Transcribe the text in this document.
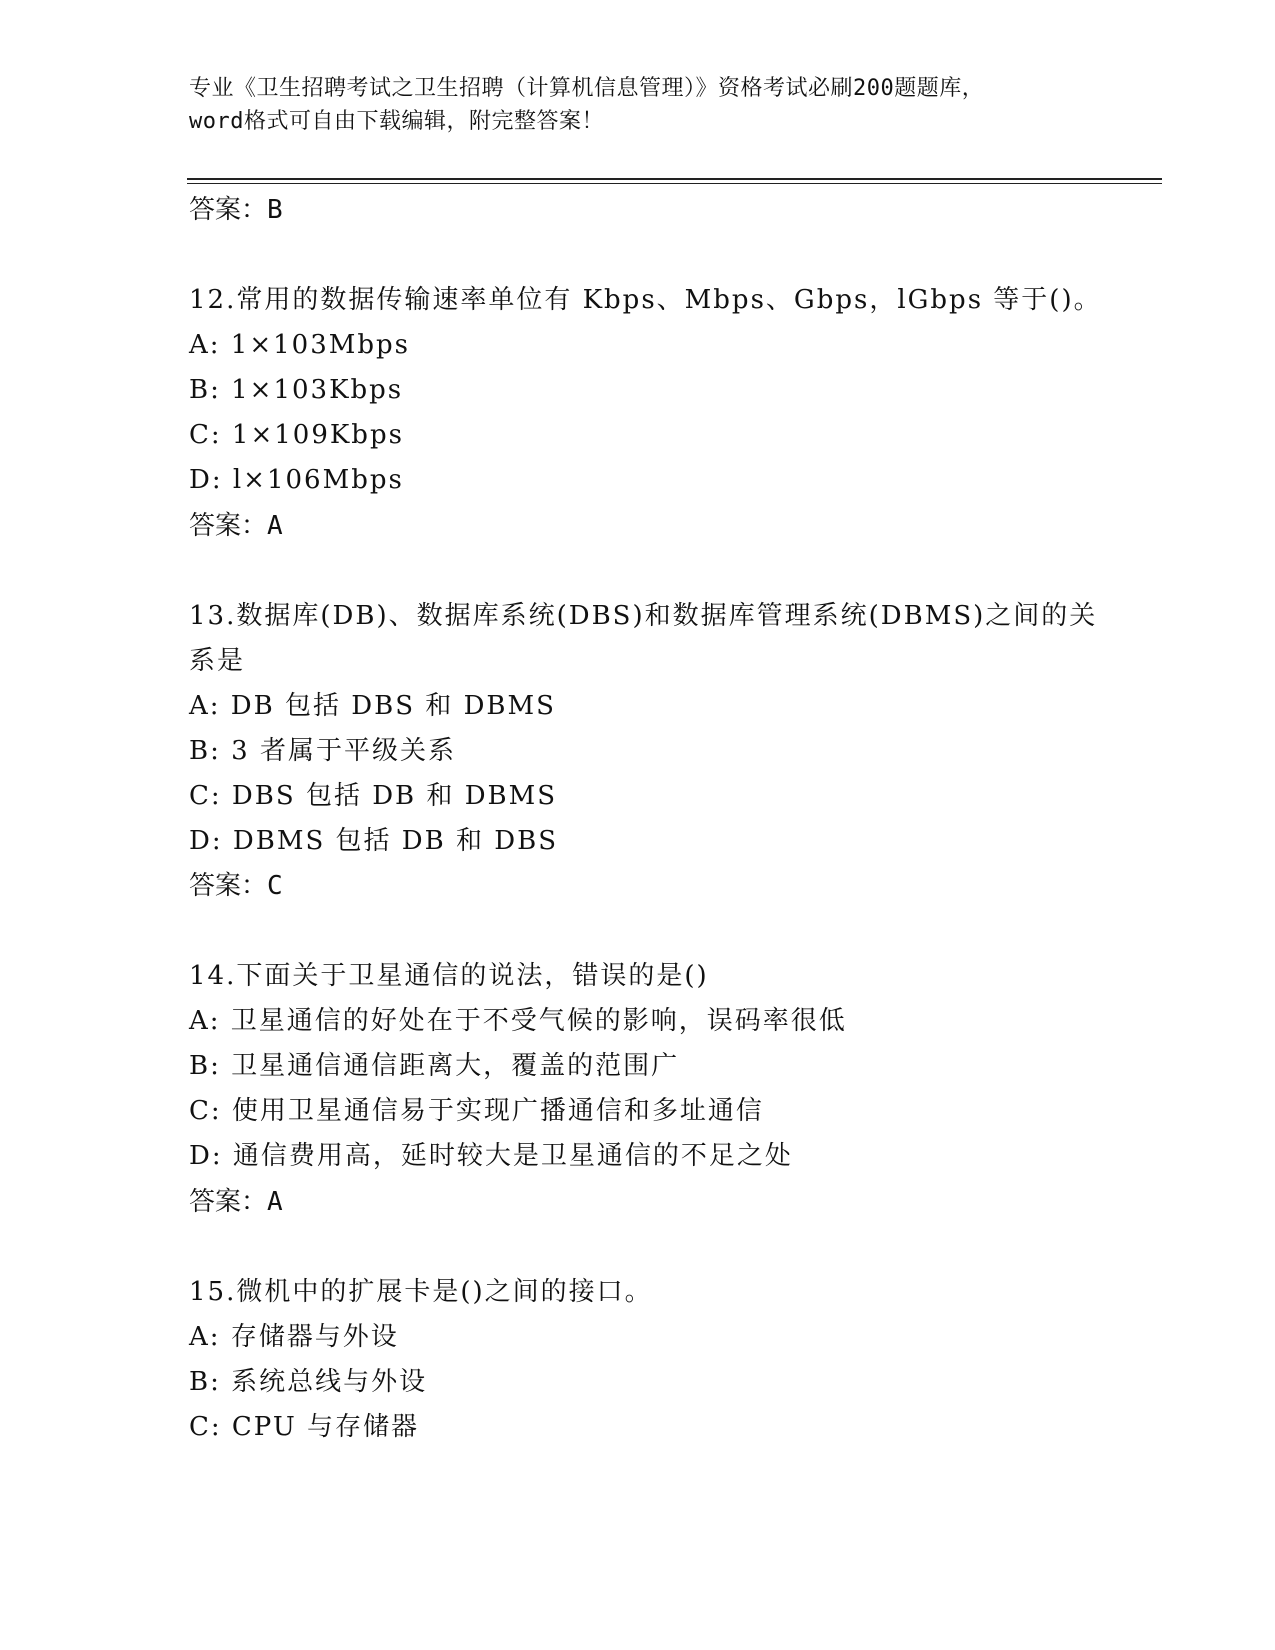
专业《卫生招聘考试之卫生招聘（计算机信息管理）》资格考试必刷200题题库，
word格式可自由下载编辑，附完整答案！
答案：B
12.常用的数据传输速率单位有 Kbps、Mbps、Gbps，lGbps 等于()。
A: 1×103Mbps
B: 1×103Kbps
C: 1×109Kbps
D: l×106Mbps
答案：A
13.数据库(DB)、数据库系统(DBS)和数据库管理系统(DBMS)之间的关
系是
A: DB 包括 DBS 和 DBMS
B: 3 者属于平级关系
C: DBS 包括 DB 和 DBMS
D: DBMS 包括 DB 和 DBS
答案：C
14.下面关于卫星通信的说法，错误的是()
A: 卫星通信的好处在于不受气候的影响，误码率很低
B: 卫星通信通信距离大，覆盖的范围广
C: 使用卫星通信易于实现广播通信和多址通信
D: 通信费用高，延时较大是卫星通信的不足之处
答案：A
15.微机中的扩展卡是()之间的接口。
A: 存储器与外设
B: 系统总线与外设
C: CPU 与存储器
